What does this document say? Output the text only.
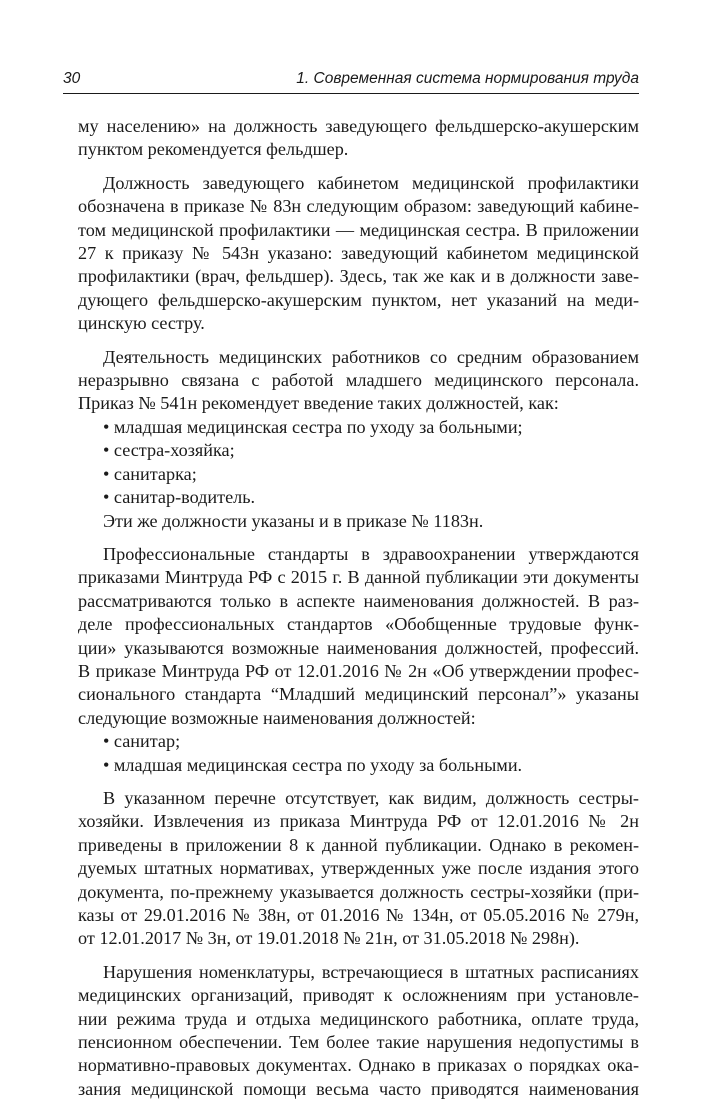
30	1. Современная система нормирования труда
му населению» на должность заведующего фельдшерско-акушерским
пунктом рекомендуется фельдшер.
Должность заведующего кабинетом медицинской профилактики
обозначена в приказе № 83н следующим образом: заведующий кабине-
том медицинской профилактики — медицинская сестра. В приложении
27 к приказу № 543н указано: заведующий кабинетом медицинской
профилактики (врач, фельдшер). Здесь, так же как и в должности заве-
дующего фельдшерско-акушерским пунктом, нет указаний на меди-
цинскую сестру.
Деятельность медицинских работников со средним образованием
неразрывно связана с работой младшего медицинского персонала.
Приказ № 541н рекомендует введение таких должностей, как:
• младшая медицинская сестра по уходу за больными;
• сестра-хозяйка;
• санитарка;
• санитар-водитель.
Эти же должности указаны и в приказе № 1183н.
Профессиональные стандарты в здравоохранении утверждаются
приказами Минтруда РФ с 2015 г. В данной публикации эти документы
рассматриваются только в аспекте наименования должностей. В раз-
деле профессиональных стандартов «Обобщенные трудовые функ-
ции» указываются возможные наименования должностей, профессий.
В приказе Минтруда РФ от 12.01.2016 № 2н «Об утверждении профес-
сионального стандарта “Младший медицинский персонал”» указаны
следующие возможные наименования должностей:
• санитар;
• младшая медицинская сестра по уходу за больными.
В указанном перечне отсутствует, как видим, должность сестры-
хозяйки. Извлечения из приказа Минтруда РФ от 12.01.2016 № 2н
приведены в приложении 8 к данной публикации. Однако в рекомен-
дуемых штатных нормативах, утвержденных уже после издания этого
документа, по-прежнему указывается должность сестры-хозяйки (при-
казы от 29.01.2016 № 38н, от 01.2016 № 134н, от 05.05.2016 № 279н,
от 12.01.2017 № 3н, от 19.01.2018 № 21н, от 31.05.2018 № 298н).
Нарушения номенклатуры, встречающиеся в штатных расписаниях
медицинских организаций, приводят к осложнениям при установле-
нии режима труда и отдыха медицинского работника, оплате труда,
пенсионном обеспечении. Тем более такие нарушения недопустимы в
нормативно-правовых документах. Однако в приказах о порядках ока-
зания медицинской помощи весьма часто приводятся наименования
